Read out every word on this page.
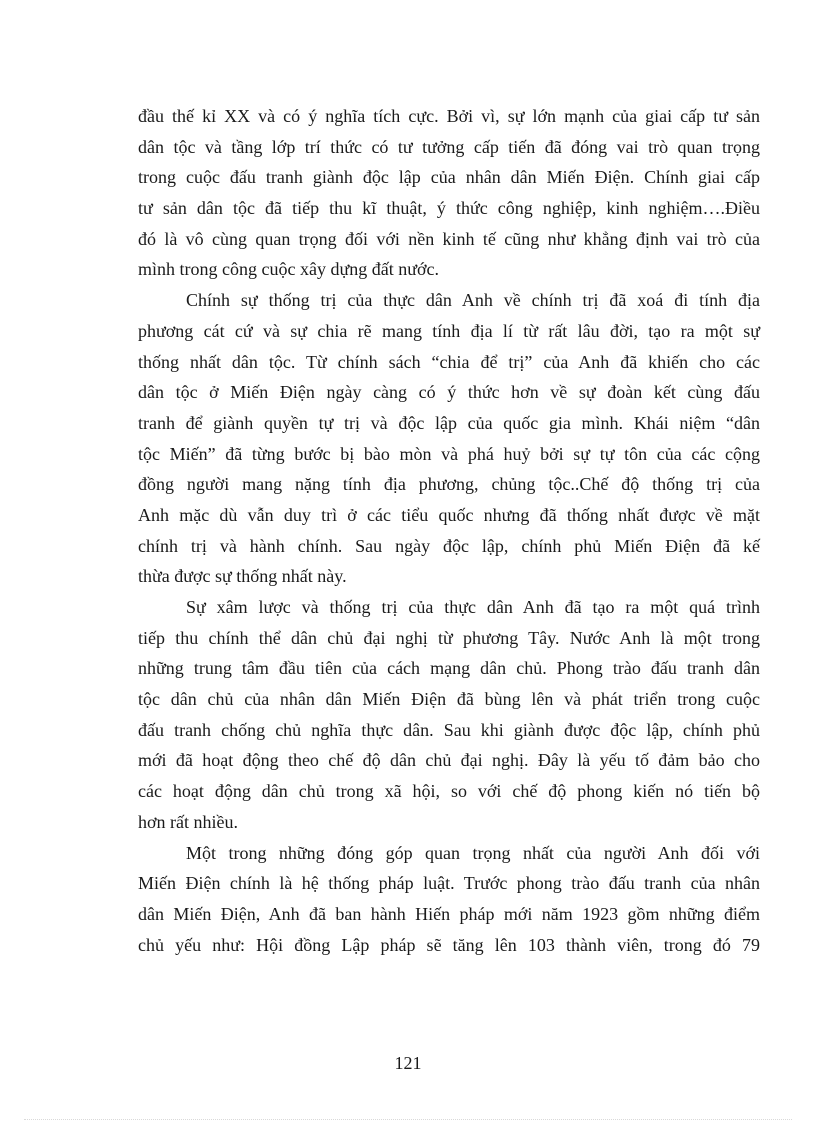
đầu thế kỉ XX và có ý nghĩa tích cực. Bởi vì, sự lớn mạnh của giai cấp tư sản
dân tộc và tầng lớp trí thức có tư tưởng cấp tiến đã đóng vai trò quan trọng
trong cuộc đấu tranh giành độc lập của nhân dân Miến Điện. Chính giai cấp
tư sản dân tộc đã tiếp thu kĩ thuật, ý thức công nghiệp, kinh nghiệm….Điều
đó là vô cùng quan trọng đối với nền kinh tế cũng như khẳng định vai trò của
mình trong công cuộc xây dựng đất nước.
Chính sự thống trị của thực dân Anh về chính trị đã xoá đi tính địa
phương cát cứ và sự chia rẽ mang tính địa lí từ rất lâu đời, tạo ra một sự
thống nhất dân tộc. Từ chính sách “chia để trị” của Anh đã khiến cho các
dân tộc ở Miến Điện ngày càng có ý thức hơn về sự đoàn kết cùng đấu
tranh để giành quyền tự trị và độc lập của quốc gia mình. Khái niệm “dân
tộc Miến” đã từng bước bị bào mòn và phá huỷ bởi sự tự tôn của các cộng
đồng người mang nặng tính địa phương, chủng tộc..Chế độ thống trị của
Anh mặc dù vẫn duy trì ở các tiểu quốc nhưng đã thống nhất được về mặt
chính trị và hành chính. Sau ngày độc lập, chính phủ Miến Điện đã kế
thừa được sự thống nhất này.
Sự xâm lược và thống trị của thực dân Anh đã tạo ra một quá trình
tiếp thu chính thể dân chủ đại nghị từ phương Tây. Nước Anh là một trong
những trung tâm đầu tiên của cách mạng dân chủ. Phong trào đấu tranh dân
tộc dân chủ của nhân dân Miến Điện đã bùng lên và phát triển trong cuộc
đấu tranh chống chủ nghĩa thực dân. Sau khi giành được độc lập, chính phủ
mới đã hoạt động theo chế độ dân chủ đại nghị. Đây là yếu tố đảm bảo cho
các hoạt động dân chủ trong xã hội, so với chế độ phong kiến nó tiến bộ
hơn rất nhiều.
Một trong những đóng góp quan trọng nhất của người Anh đối với
Miến Điện chính là hệ thống pháp luật. Trước phong trào đấu tranh của nhân
dân Miến Điện, Anh đã ban hành Hiến pháp mới năm 1923 gồm những điểm
chủ yếu như: Hội đồng Lập pháp sẽ tăng lên 103 thành viên, trong đó 79
121
